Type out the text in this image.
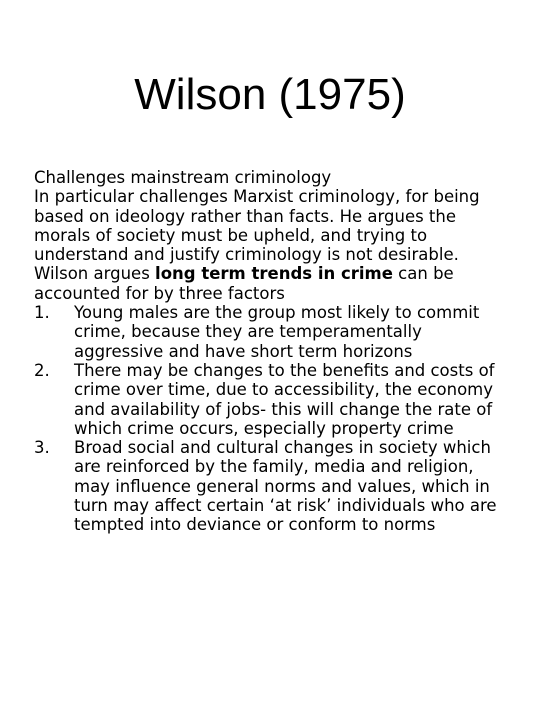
Wilson (1975)

Challenges mainstream criminology

In particular challenges Marxist criminology, for being based on ideology rather than facts. He argues the morals of society must be upheld, and trying to understand and justify criminology is not desirable.

Wilson argues long term trends in crime can be accounted for by three factors

1.	Young males are the group most likely to commit crime, because they are temperamentally aggressive and have short term horizons
2.	There may be changes to the benefits and costs of crime over time, due to accessibility, the economy and availability of jobs- this will change the rate of which crime occurs, especially property crime
3.	Broad social and cultural changes in society which are reinforced by the family, media and religion, may influence general norms and values, which in turn may affect certain ‘at risk’ individuals who are tempted into deviance or conform to norms
